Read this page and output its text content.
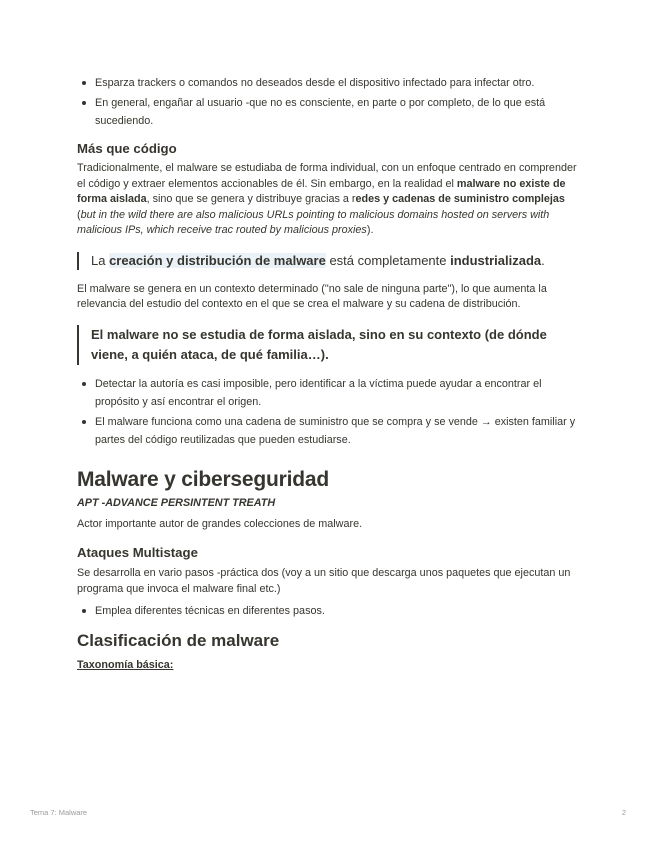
Esparza trackers o comandos no deseados desde el dispositivo infectado para infectar otro.
En general, engañar al usuario -que no es consciente, en parte o por completo, de lo que está sucediendo.
Más que código

Tradicionalmente, el malware se estudiaba de forma individual, con un enfoque centrado en comprender el código y extraer elementos accionables de él. Sin embargo, en la realidad el malware no existe de forma aislada, sino que se genera y distribuye gracias a redes y cadenas de suministro complejas (but in the wild there are also malicious URLs pointing to malicious domains hosted on servers with malicious IPs, which receive trac routed by malicious proxies).

La creación y distribución de malware está completamente industrializada.

El malware se genera en un contexto determinado ("no sale de ninguna parte"), lo que aumenta la relevancia del estudio del contexto en el que se crea el malware y su cadena de distribución.

El malware no se estudia de forma aislada, sino en su contexto (de dónde viene, a quién ataca, de qué familia…).
Detectar la autoría es casi imposible, pero identificar a la víctima puede ayudar a encontrar el propósito y así encontrar el origen.
El malware funciona como una cadena de suministro que se compra y se vende → existen familiar y partes del código reutilizadas que pueden estudiarse.
Malware y ciberseguridad
APT -ADVANCE PERSINTENT TREATH

Actor importante autor de grandes colecciones de malware.

Ataques Multistage

Se desarrolla en vario pasos -práctica dos (voy a un sitio que descarga unos paquetes que ejecutan un programa que invoca el malware final etc.)

Emplea diferentes técnicas en diferentes pasos.
Clasificación de malware
Taxonomía básica:
Tema 7: Malware	2
